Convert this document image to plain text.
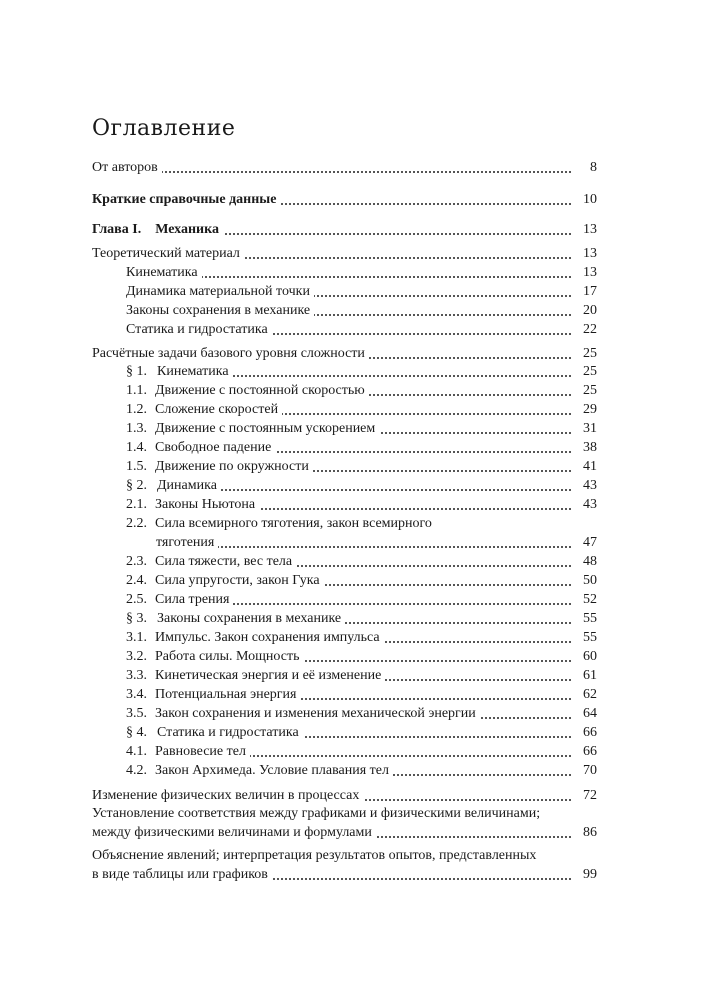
Оглавление
От авторов	8
Краткие справочные данные	10
Глава I.    Механика	13
Теоретический материал	13
Кинематика	13
Динамика материальной точки	17
Законы сохранения в механике	20
Статика и гидростатика	22
Расчётные задачи базового уровня сложности	25
§ 1. Кинематика	25
1.1. Движение с постоянной скоростью	25
1.2. Сложение скоростей	29
1.3. Движение с постоянным ускорением	31
1.4. Свободное падение	38
1.5. Движение по окружности	41
§ 2. Динамика	43
2.1. Законы Ньютона	43
2.2. Сила всемирного тяготения, закон всемирного
тяготения	47
2.3. Сила тяжести, вес тела	48
2.4. Сила упругости, закон Гука	50
2.5. Сила трения	52
§ 3. Законы сохранения в механике	55
3.1. Импульс. Закон сохранения импульса	55
3.2. Работа силы. Мощность	60
3.3. Кинетическая энергия и её изменение	61
3.4. Потенциальная энергия	62
3.5. Закон сохранения и изменения механической энергии	64
§ 4. Статика и гидростатика	66
4.1. Равновесие тел	66
4.2. Закон Архимеда. Условие плавания тел	70
Изменение физических величин в процессах	72
Установление соответствия между графиками и физическими величинами;
между физическими величинами и формулами	86
Объяснение явлений; интерпретация результатов опытов, представленных
в виде таблицы или графиков	99
